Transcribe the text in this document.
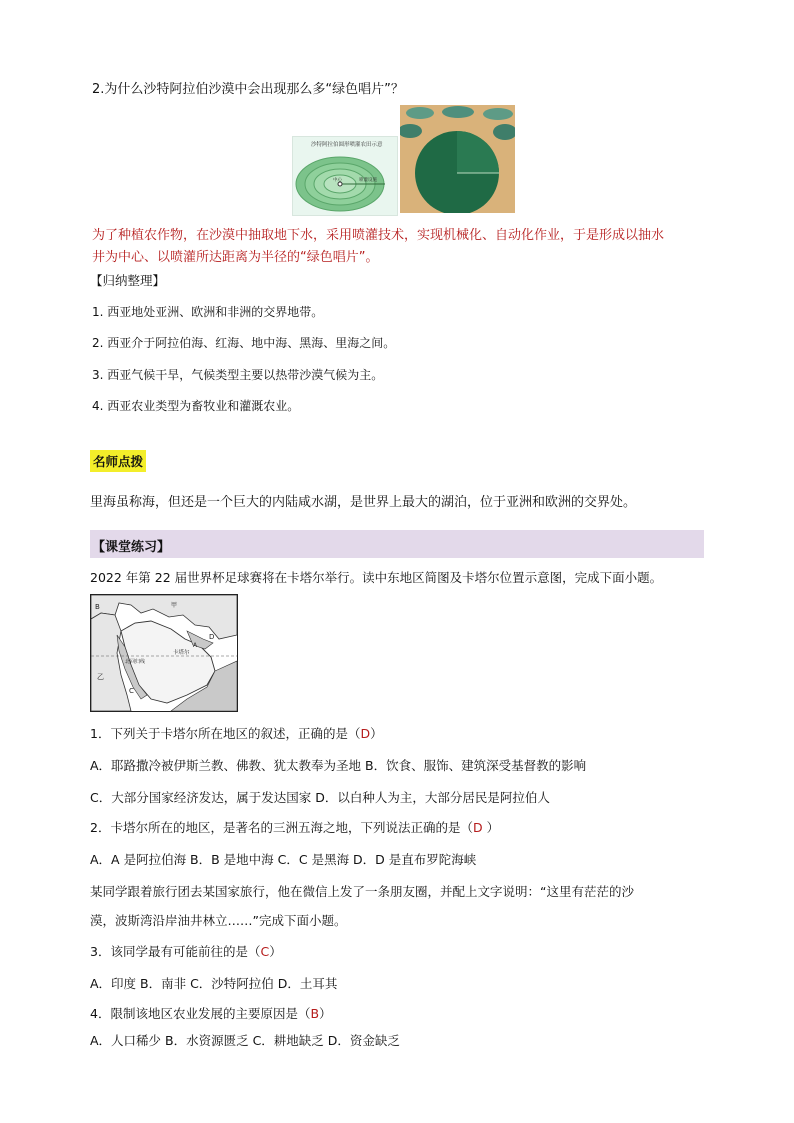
2.为什么沙特阿拉伯沙漠中会出现那么多“绿色唱片”？
沙特阿拉伯圆形喷灌农田示意
喷灌设施
中心
为了种植农作物，在沙漠中抽取地下水，采用喷灌技术，实现机械化、自动化作业，于是形成以抽水
井为中心、以喷灌所达距离为半径的“绿色唱片”。
【归纳整理】
1. 西亚地处亚洲、欧洲和非洲的交界地带。
2. 西亚介于阿拉伯海、红海、地中海、黑海、里海之间。
3. 西亚气候干旱，气候类型主要以热带沙漠气候为主。
4. 西亚农业类型为畜牧业和灌溉农业。
名师点拨
里海虽称海，但还是一个巨大的内陆咸水湖，是世界上最大的湖泊，位于亚洲和欧洲的交界处。
【课堂练习】
2022 年第 22 届世界杯足球赛将在卡塔尔举行。读中东地区简图及卡塔尔位置示意图，完成下面小题。
B	甲
D
A
卡塔尔
北回归线
乙
C
1．下列关于卡塔尔所在地区的叙述，正确的是（D）
A．耶路撒冷被伊斯兰教、佛教、犹太教奉为圣地 B．饮食、服饰、建筑深受基督教的影响
C．大部分国家经济发达，属于发达国家 D．以白种人为主，大部分居民是阿拉伯人
2．卡塔尔所在的地区，是著名的三洲五海之地，下列说法正确的是（D ）
A．A 是阿拉伯海 B．B 是地中海 C．C 是黑海 D．D 是直布罗陀海峡
某同学跟着旅行团去某国家旅行，他在微信上发了一条朋友圈，并配上文字说明：“这里有茫茫的沙
漠，波斯湾沿岸油井林立……”完成下面小题。
3．该同学最有可能前往的是（C）
A．印度 B．南非 C．沙特阿拉伯 D．土耳其
4．限制该地区农业发展的主要原因是（B）
A．人口稀少 B．水资源匮乏 C．耕地缺乏 D．资金缺乏
